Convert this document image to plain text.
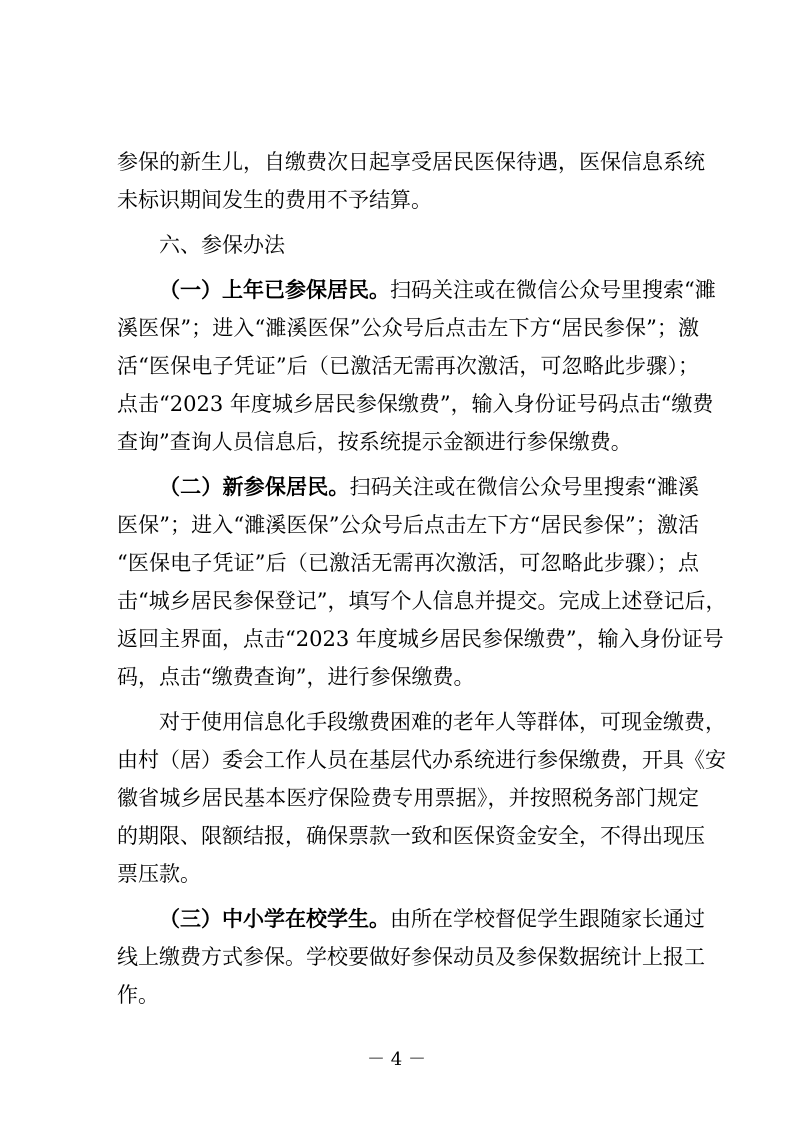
参保的新生儿，自缴费次日起享受居民医保待遇，医保信息系统
未标识期间发生的费用不予结算。
六、参保办法
（一）上年已参保居民。扫码关注或在微信公众号里搜索“濉
溪医保”；进入“濉溪医保”公众号后点击左下方“居民参保”；激
活“医保电子凭证”后（已激活无需再次激活，可忽略此步骤）；
点击“2023 年度城乡居民参保缴费”，输入身份证号码点击“缴费
查询”查询人员信息后，按系统提示金额进行参保缴费。
（二）新参保居民。扫码关注或在微信公众号里搜索“濉溪
医保”；进入“濉溪医保”公众号后点击左下方“居民参保”；激活
“医保电子凭证”后（已激活无需再次激活，可忽略此步骤）；点
击“城乡居民参保登记”，填写个人信息并提交。完成上述登记后，
返回主界面，点击“2023 年度城乡居民参保缴费”，输入身份证号
码，点击“缴费查询”，进行参保缴费。
对于使用信息化手段缴费困难的老年人等群体，可现金缴费，
由村（居）委会工作人员在基层代办系统进行参保缴费，开具《安
徽省城乡居民基本医疗保险费专用票据》，并按照税务部门规定
的期限、限额结报，确保票款一致和医保资金安全，不得出现压
票压款。
（三）中小学在校学生。由所在学校督促学生跟随家长通过
线上缴费方式参保。学校要做好参保动员及参保数据统计上报工
作。
－ 4 －
